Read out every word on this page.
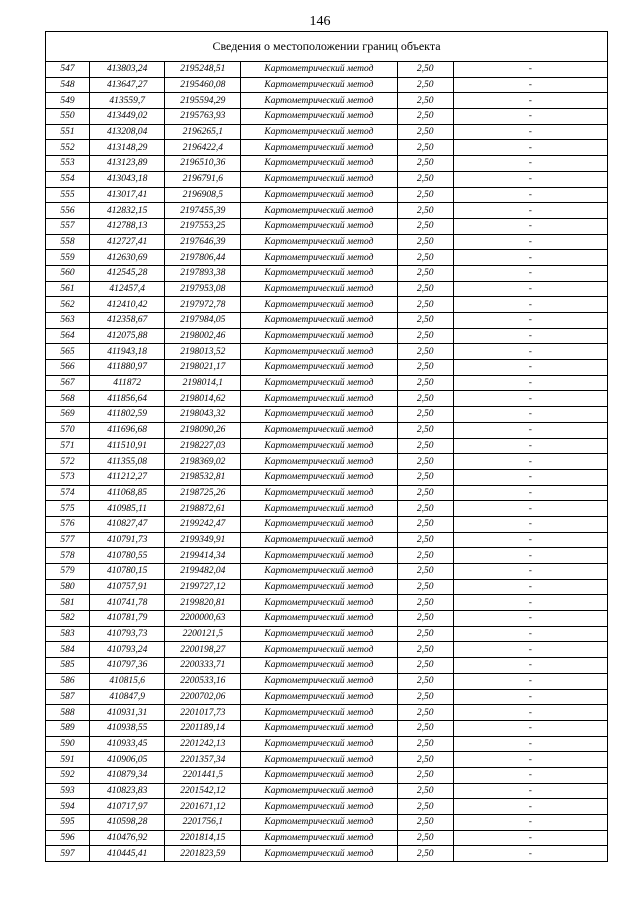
146
Сведения о местоположении границ объекта					
547	413803,24	2195248,51	Картометрический метод	2,50	-
548	413647,27	2195460,08	Картометрический метод	2,50	-
549	413559,7	2195594,29	Картометрический метод	2,50	-
550	413449,02	2195763,93	Картометрический метод	2,50	-
551	413208,04	2196265,1	Картометрический метод	2,50	-
552	413148,29	2196422,4	Картометрический метод	2,50	-
553	413123,89	2196510,36	Картометрический метод	2,50	-
554	413043,18	2196791,6	Картометрический метод	2,50	-
555	413017,41	2196908,5	Картометрический метод	2,50	-
556	412832,15	2197455,39	Картометрический метод	2,50	-
557	412788,13	2197553,25	Картометрический метод	2,50	-
558	412727,41	2197646,39	Картометрический метод	2,50	-
559	412630,69	2197806,44	Картометрический метод	2,50	-
560	412545,28	2197893,38	Картометрический метод	2,50	-
561	412457,4	2197953,08	Картометрический метод	2,50	-
562	412410,42	2197972,78	Картометрический метод	2,50	-
563	412358,67	2197984,05	Картометрический метод	2,50	-
564	412075,88	2198002,46	Картометрический метод	2,50	-
565	411943,18	2198013,52	Картометрический метод	2,50	-
566	411880,97	2198021,17	Картометрический метод	2,50	-
567	411872	2198014,1	Картометрический метод	2,50	-
568	411856,64	2198014,62	Картометрический метод	2,50	-
569	411802,59	2198043,32	Картометрический метод	2,50	-
570	411696,68	2198090,26	Картометрический метод	2,50	-
571	411510,91	2198227,03	Картометрический метод	2,50	-
572	411355,08	2198369,02	Картометрический метод	2,50	-
573	411212,27	2198532,81	Картометрический метод	2,50	-
574	411068,85	2198725,26	Картометрический метод	2,50	-
575	410985,11	2198872,61	Картометрический метод	2,50	-
576	410827,47	2199242,47	Картометрический метод	2,50	-
577	410791,73	2199349,91	Картометрический метод	2,50	-
578	410780,55	2199414,34	Картометрический метод	2,50	-
579	410780,15	2199482,04	Картометрический метод	2,50	-
580	410757,91	2199727,12	Картометрический метод	2,50	-
581	410741,78	2199820,81	Картометрический метод	2,50	-
582	410781,79	2200000,63	Картометрический метод	2,50	-
583	410793,73	2200121,5	Картометрический метод	2,50	-
584	410793,24	2200198,27	Картометрический метод	2,50	-
585	410797,36	2200333,71	Картометрический метод	2,50	-
586	410815,6	2200533,16	Картометрический метод	2,50	-
587	410847,9	2200702,06	Картометрический метод	2,50	-
588	410931,31	2201017,73	Картометрический метод	2,50	-
589	410938,55	2201189,14	Картометрический метод	2,50	-
590	410933,45	2201242,13	Картометрический метод	2,50	-
591	410906,05	2201357,34	Картометрический метод	2,50	-
592	410879,34	2201441,5	Картометрический метод	2,50	-
593	410823,83	2201542,12	Картометрический метод	2,50	-
594	410717,97	2201671,12	Картометрический метод	2,50	-
595	410598,28	2201756,1	Картометрический метод	2,50	-
596	410476,92	2201814,15	Картометрический метод	2,50	-
597	410445,41	2201823,59	Картометрический метод	2,50	-
